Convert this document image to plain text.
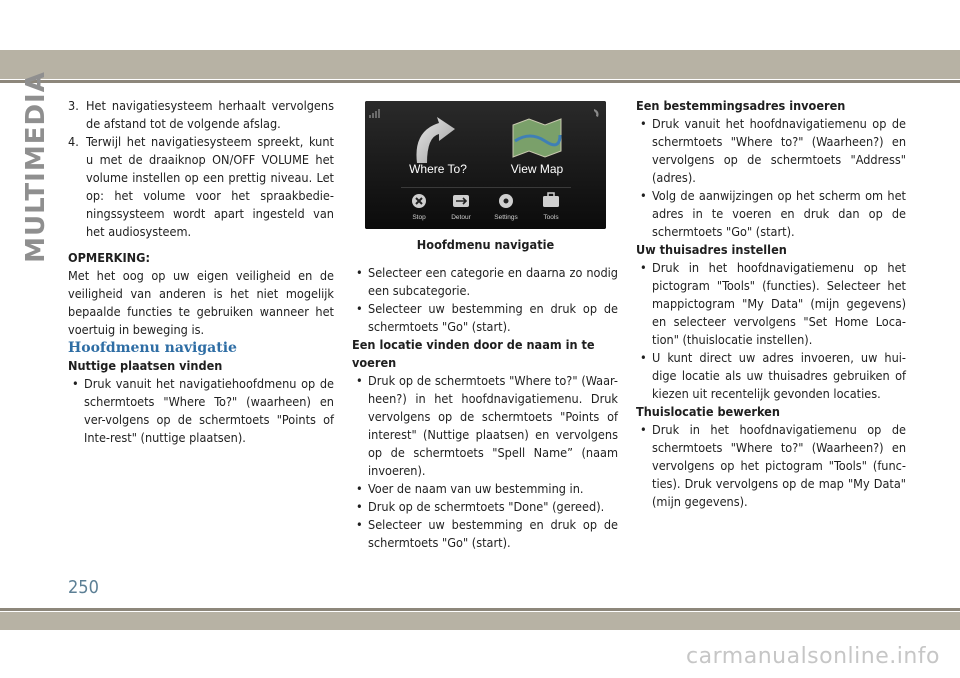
MULTIMEDIA 3. Het navigatiesysteem herhaalt vervolgens de afstand tot de volgende afslag.

4. Terwijl het navigatiesysteem spreekt, kunt u met de draaiknop ON/OFF VOLUME het volume instellen op een prettig niveau. Let op: het volume voor het spraakbedie-ningssysteem wordt apart ingesteld van het audiosysteem.

OPMERKING:

Met het oog op uw eigen veiligheid en de veiligheid van anderen is het niet mogelijk bepaalde functies te gebruiken wanneer het voertuig in beweging is.

Hoofdmenu navigatie

Nuttige plaatsen vinden

• Druk vanuit het navigatiehoofdmenu op de schermtoets "Where To?" (waarheen) en ver-volgens op de schermtoets "Points of Inte-rest" (nuttige plaatsen).

Where To?	View Map
Stop	Detour	Settings	Tools
Hoofdmenu navigatie

• Selecteer een categorie en daarna zo nodig een subcategorie.

• Selecteer uw bestemming en druk op de schermtoets "Go" (start).

Een locatie vinden door de naam in te voeren

• Druk op de schermtoets "Where to?" (Waar-heen?) in het hoofdnavigatiemenu. Druk vervolgens op de schermtoets "Points of interest" (Nuttige plaatsen) en vervolgens op de schermtoets "Spell Name” (naam invoeren).

• Voer de naam van uw bestemming in.

• Druk op de schermtoets "Done" (gereed).

• Selecteer uw bestemming en druk op de schermtoets "Go" (start).

Een bestemmingsadres invoeren

• Druk vanuit het hoofdnavigatiemenu op de schermtoets "Where to?" (Waarheen?) en vervolgens op de schermtoets "Address" (adres).

• Volg de aanwijzingen op het scherm om het adres in te voeren en druk dan op de schermtoets "Go" (start).

Uw thuisadres instellen

• Druk in het hoofdnavigatiemenu op het pictogram "Tools" (functies). Selecteer het mappictogram "My Data" (mijn gegevens) en selecteer vervolgens "Set Home Loca-tion" (thuislocatie instellen).

• U kunt direct uw adres invoeren, uw hui-dige locatie als uw thuisadres gebruiken of kiezen uit recentelijk gevonden locaties.

Thuislocatie bewerken

• Druk in het hoofdnavigatiemenu op de schermtoets "Where to?" (Waarheen?) en vervolgens op het pictogram "Tools" (func-ties). Druk vervolgens op de map "My Data" (mijn gegevens).

250
carmanualsonline.info
